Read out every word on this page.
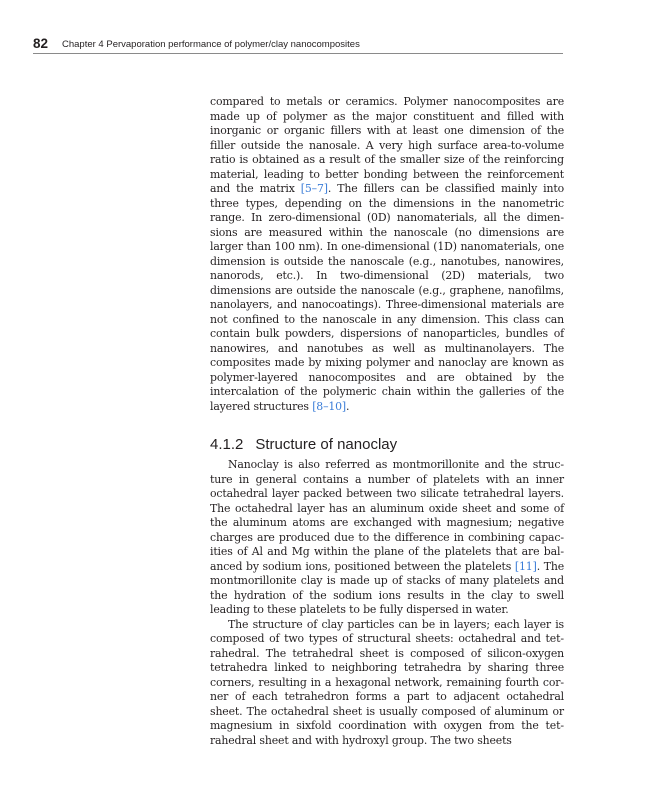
82 Chapter 4 Pervaporation performance of polymer/clay nanocomposites

compared to metals or ceramics. Polymer nanocomposites are made up of polymer as the major constituent and filled with inorganic or organic fillers with at least one dimension of the filler outside the nanosale. A very high surface area-to-volume ratio is obtained as a result of the smaller size of the reinforcing material, leading to better bonding between the reinforcement and the matrix [5–7]. The fillers can be classified mainly into three types, depending on the dimensions in the nanometric range. In zero-dimensional (0D) nanomaterials, all the dimensions are measured within the nanoscale (no dimensions are larger than 100 nm). In one-dimensional (1D) nanomaterials, one dimension is outside the nanoscale (e.g., nanotubes, nanowires, nanorods, etc.). In two-dimensional (2D) materials, two dimensions are outside the nanoscale (e.g., graphene, nanofilms, nanolayers, and nanocoatings). Three-dimensional materials are not confined to the nanoscale in any dimension. This class can contain bulk powders, dispersions of nanoparticles, bundles of nanowires, and nanotubes as well as multinanolayers. The composites made by mixing polymer and nanoclay are known as polymer-layered nanocomposites and are obtained by the intercalation of the polymeric chain within the galleries of the layered structures [8–10].

4.1.2 Structure of nanoclay

Nanoclay is also referred as montmorillonite and the structure in general contains a number of platelets with an inner octahedral layer packed between two silicate tetrahedral layers. The octahedral layer has an aluminum oxide sheet and some of the aluminum atoms are exchanged with magnesium; negative charges are produced due to the difference in combining capacities of Al and Mg within the plane of the platelets that are balanced by sodium ions, positioned between the platelets [11]. The montmorillonite clay is made up of stacks of many platelets and the hydration of the sodium ions results in the clay to swell leading to these platelets to be fully dispersed in water.

The structure of clay particles can be in layers; each layer is composed of two types of structural sheets: octahedral and tetrahedral. The tetrahedral sheet is composed of silicon-oxygen tetrahedra linked to neighboring tetrahedra by sharing three corners, resulting in a hexagonal network, remaining fourth corner of each tetrahedron forms a part to adjacent octahedral sheet. The octahedral sheet is usually composed of aluminum or magnesium in sixfold coordination with oxygen from the tetrahedral sheet and with hydroxyl group. The two sheets
